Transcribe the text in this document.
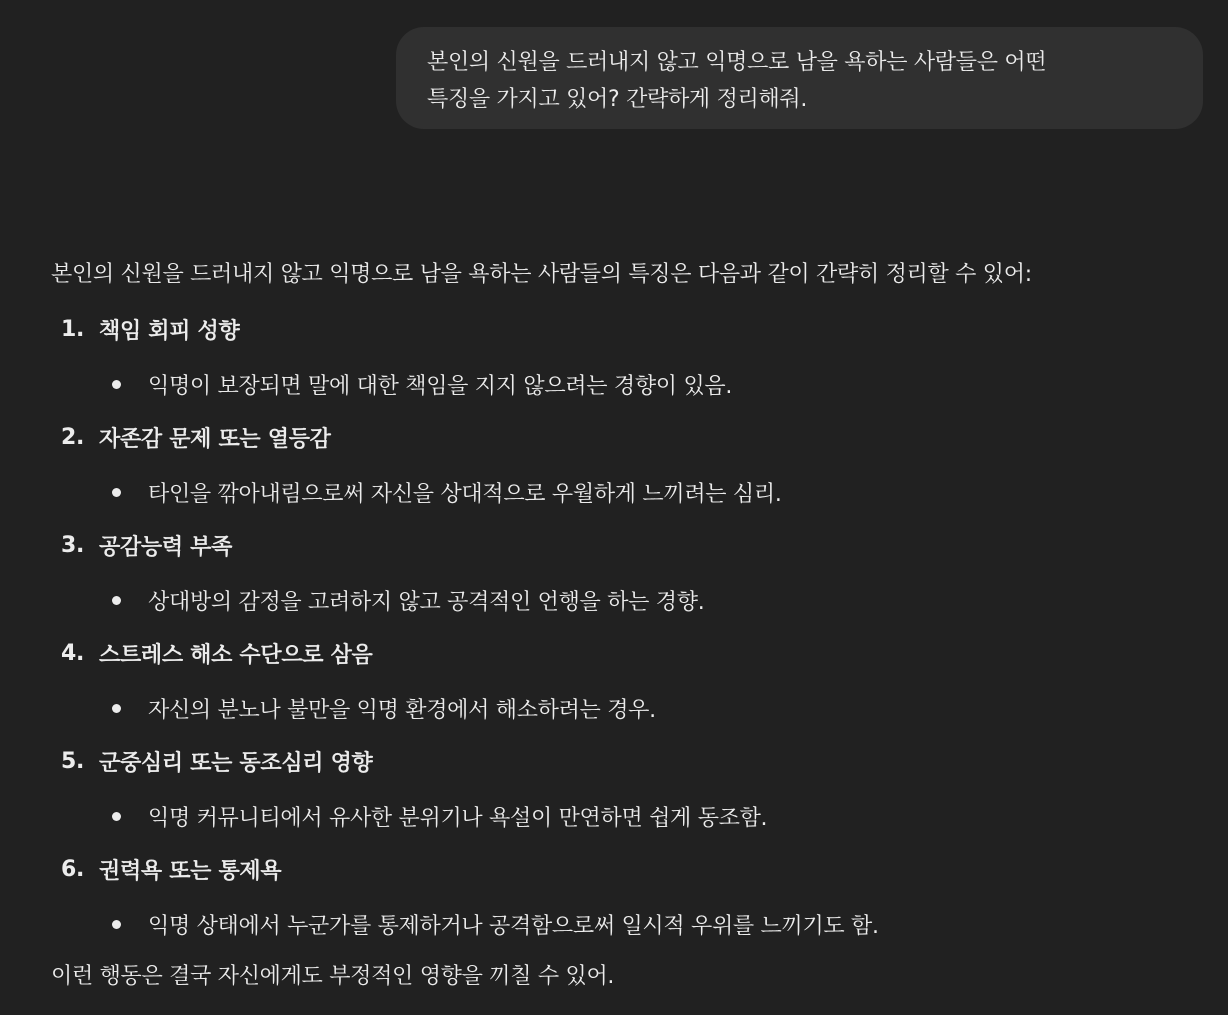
본인의 신원을 드러내지 않고 익명으로 남을 욕하는 사람들은 어떤
특징을 가지고 있어? 간략하게 정리해줘.

본인의 신원을 드러내지 않고 익명으로 남을 욕하는 사람들의 특징은 다음과 같이 간략히 정리할 수 있어:

1. 책임 회피 성향
익명이 보장되면 말에 대한 책임을 지지 않으려는 경향이 있음.
2. 자존감 문제 또는 열등감
타인을 깎아내림으로써 자신을 상대적으로 우월하게 느끼려는 심리.
3. 공감능력 부족
상대방의 감정을 고려하지 않고 공격적인 언행을 하는 경향.
4. 스트레스 해소 수단으로 삼음
자신의 분노나 불만을 익명 환경에서 해소하려는 경우.
5. 군중심리 또는 동조심리 영향
익명 커뮤니티에서 유사한 분위기나 욕설이 만연하면 쉽게 동조함.
6. 권력욕 또는 통제욕
익명 상태에서 누군가를 통제하거나 공격함으로써 일시적 우위를 느끼기도 함.

이런 행동은 결국 자신에게도 부정적인 영향을 끼칠 수 있어.
